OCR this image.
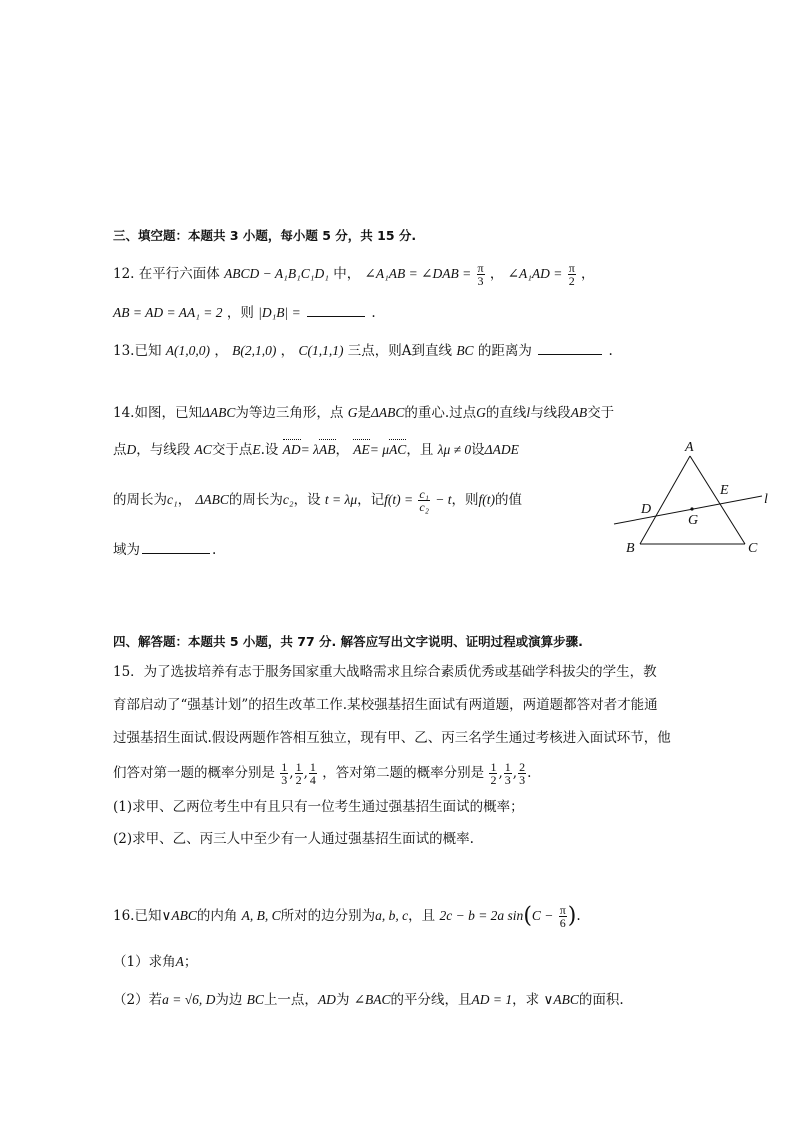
三、填空题：本题共 3 小题，每小题 5 分，共 15 分.
12. 在平行六面体 ABCD − A₁B₁C₁D₁ 中， ∠A₁AB = ∠DAB = $\frac{\pi}{3}$ ， ∠A₁AD = $\frac{\pi}{2}$ ，
AB = AD = AA₁ = 2 ，则 |D₁B| =	.
13.已知 A(1,0,0) ， B(2,1,0) ， C(1,1,1) 三点，则A到直线 BC 的距离为	.
14.如图，已知ΔABC为等边三角形，点 G是ΔABC的重心.过点G的直线l与线段AB交于
点D，与线段 AC交于点E.设 AD= λAB， AE= μAC，且 λμ ≠ 0设ΔADE
的周长为c₁， ΔABC的周长为c₂，设 t = λμ，记$f(t) = \frac{\text{c₁}}{\text{c₂}} - t$，则f(t)的值
域为	.
A
B	C
D
E
G
l
四、解答题：本题共 5 小题，共 77 分. 解答应写出文字说明、证明过程或演算步骤.
15．为了选拔培养有志于服务国家重大战略需求且综合素质优秀或基础学科拔尖的学生，教
育部启动了“强基计划”的招生改革工作.某校强基招生面试有两道题，两道题都答对者才能通
过强基招生面试.假设两题作答相互独立，现有甲、乙、丙三名学生通过考核进入面试环节，他
们答对第一题的概率分别是 $\frac{1}{3}$ , $\frac{1}{2}$ , $\frac{1}{4}$ ，答对第二题的概率分别是 $\frac{1}{2}$ , $\frac{1}{3}$ , $\frac{2}{3}$ .
(1)求甲、乙两位考生中有且只有一位考生通过强基招生面试的概率；
(2)求甲、乙、丙三人中至少有一人通过强基招生面试的概率.
16.已知∨ABC的内角 A, B, C所对的边分别为a, b, c，且 2c − b = 2a $\sin(C - \frac{\pi}{6}$ ).
（1）求角A；
（2）若a = √6, D为边 BC上一点，AD为 ∠BAC的平分线，且AD = 1，求 ∨ABC的面积.
